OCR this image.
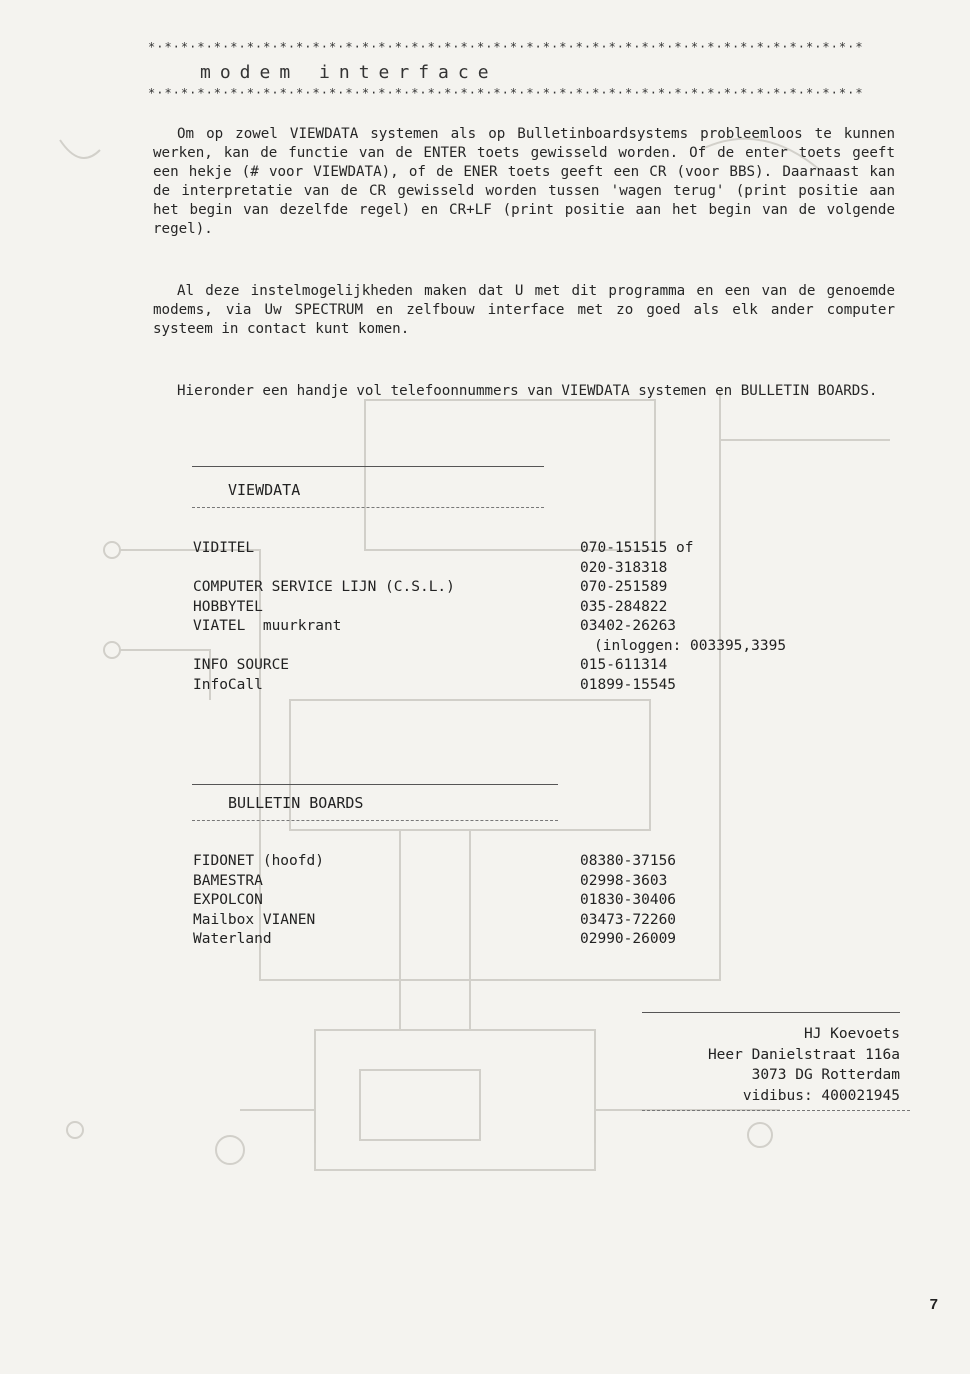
*·*·*·*·*·*·*·*·*·*·*·*·*·*·*·*·*·*·*·*·*·*·*·*·*·*·*·*·*·*·*·*·*·*·*·*·*·*·*·*·*·*·*·*
modem interface
*·*·*·*·*·*·*·*·*·*·*·*·*·*·*·*·*·*·*·*·*·*·*·*·*·*·*·*·*·*·*·*·*·*·*·*·*·*·*·*·*·*·*·*
Om op zowel VIEWDATA systemen als op Bulletinboardsystems probleemloos te kunnen werken, kan de functie van de ENTER toets gewisseld worden. Of de enter toets geeft een hekje (# voor VIEWDATA), of de ENER toets geeft een CR (voor BBS). Daarnaast kan de interpretatie van de CR gewisseld worden tussen 'wagen terug' (print positie aan het begin van dezelfde regel) en CR+LF (print positie aan het begin van de volgende regel).
Al deze instelmogelijkheden maken dat U met dit programma en een van de genoemde modems, via Uw SPECTRUM en zelfbouw interface met zo goed als elk ander computer systeem in contact kunt komen.
Hieronder een handje vol telefoonnummers van VIEWDATA systemen en BULLETIN BOARDS.
VIEWDATA
VIDITEL
COMPUTER SERVICE LIJN (C.S.L.)
HOBBYTEL
VIATEL  muurkrant
INFO SOURCE
InfoCall
070-151515 of
020-318318
070-251589
035-284822
03402-26263
(inloggen: 003395,3395
015-611314
01899-15545
BULLETIN BOARDS
FIDONET (hoofd)
BAMESTRA
EXPOLCON
Mailbox VIANEN
Waterland
08380-37156
02998-3603
01830-30406
03473-72260
02990-26009
HJ Koevoets
Heer Danielstraat 116a
3073 DG Rotterdam
vidibus: 400021945
7
